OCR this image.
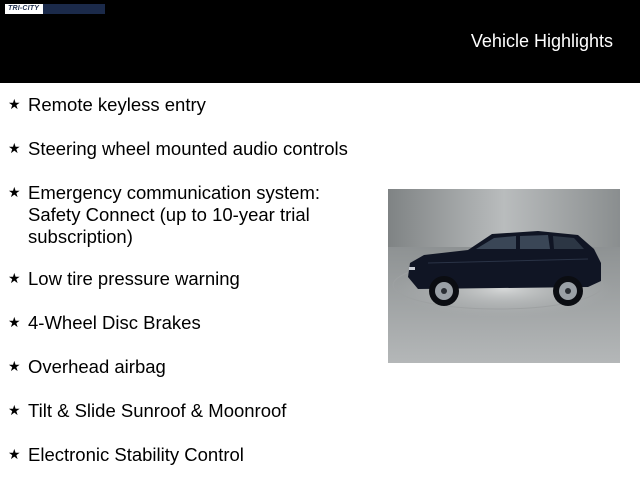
TRI-CITY
Vehicle Highlights
★ Remote keyless entry
★ Steering wheel mounted audio controls
★ Emergency communication system: Safety Connect (up to 10-year trial subscription)
★ Low tire pressure warning
★ 4-Wheel Disc Brakes
★ Overhead airbag
★ Tilt & Slide Sunroof & Moonroof
★ Electronic Stability Control
